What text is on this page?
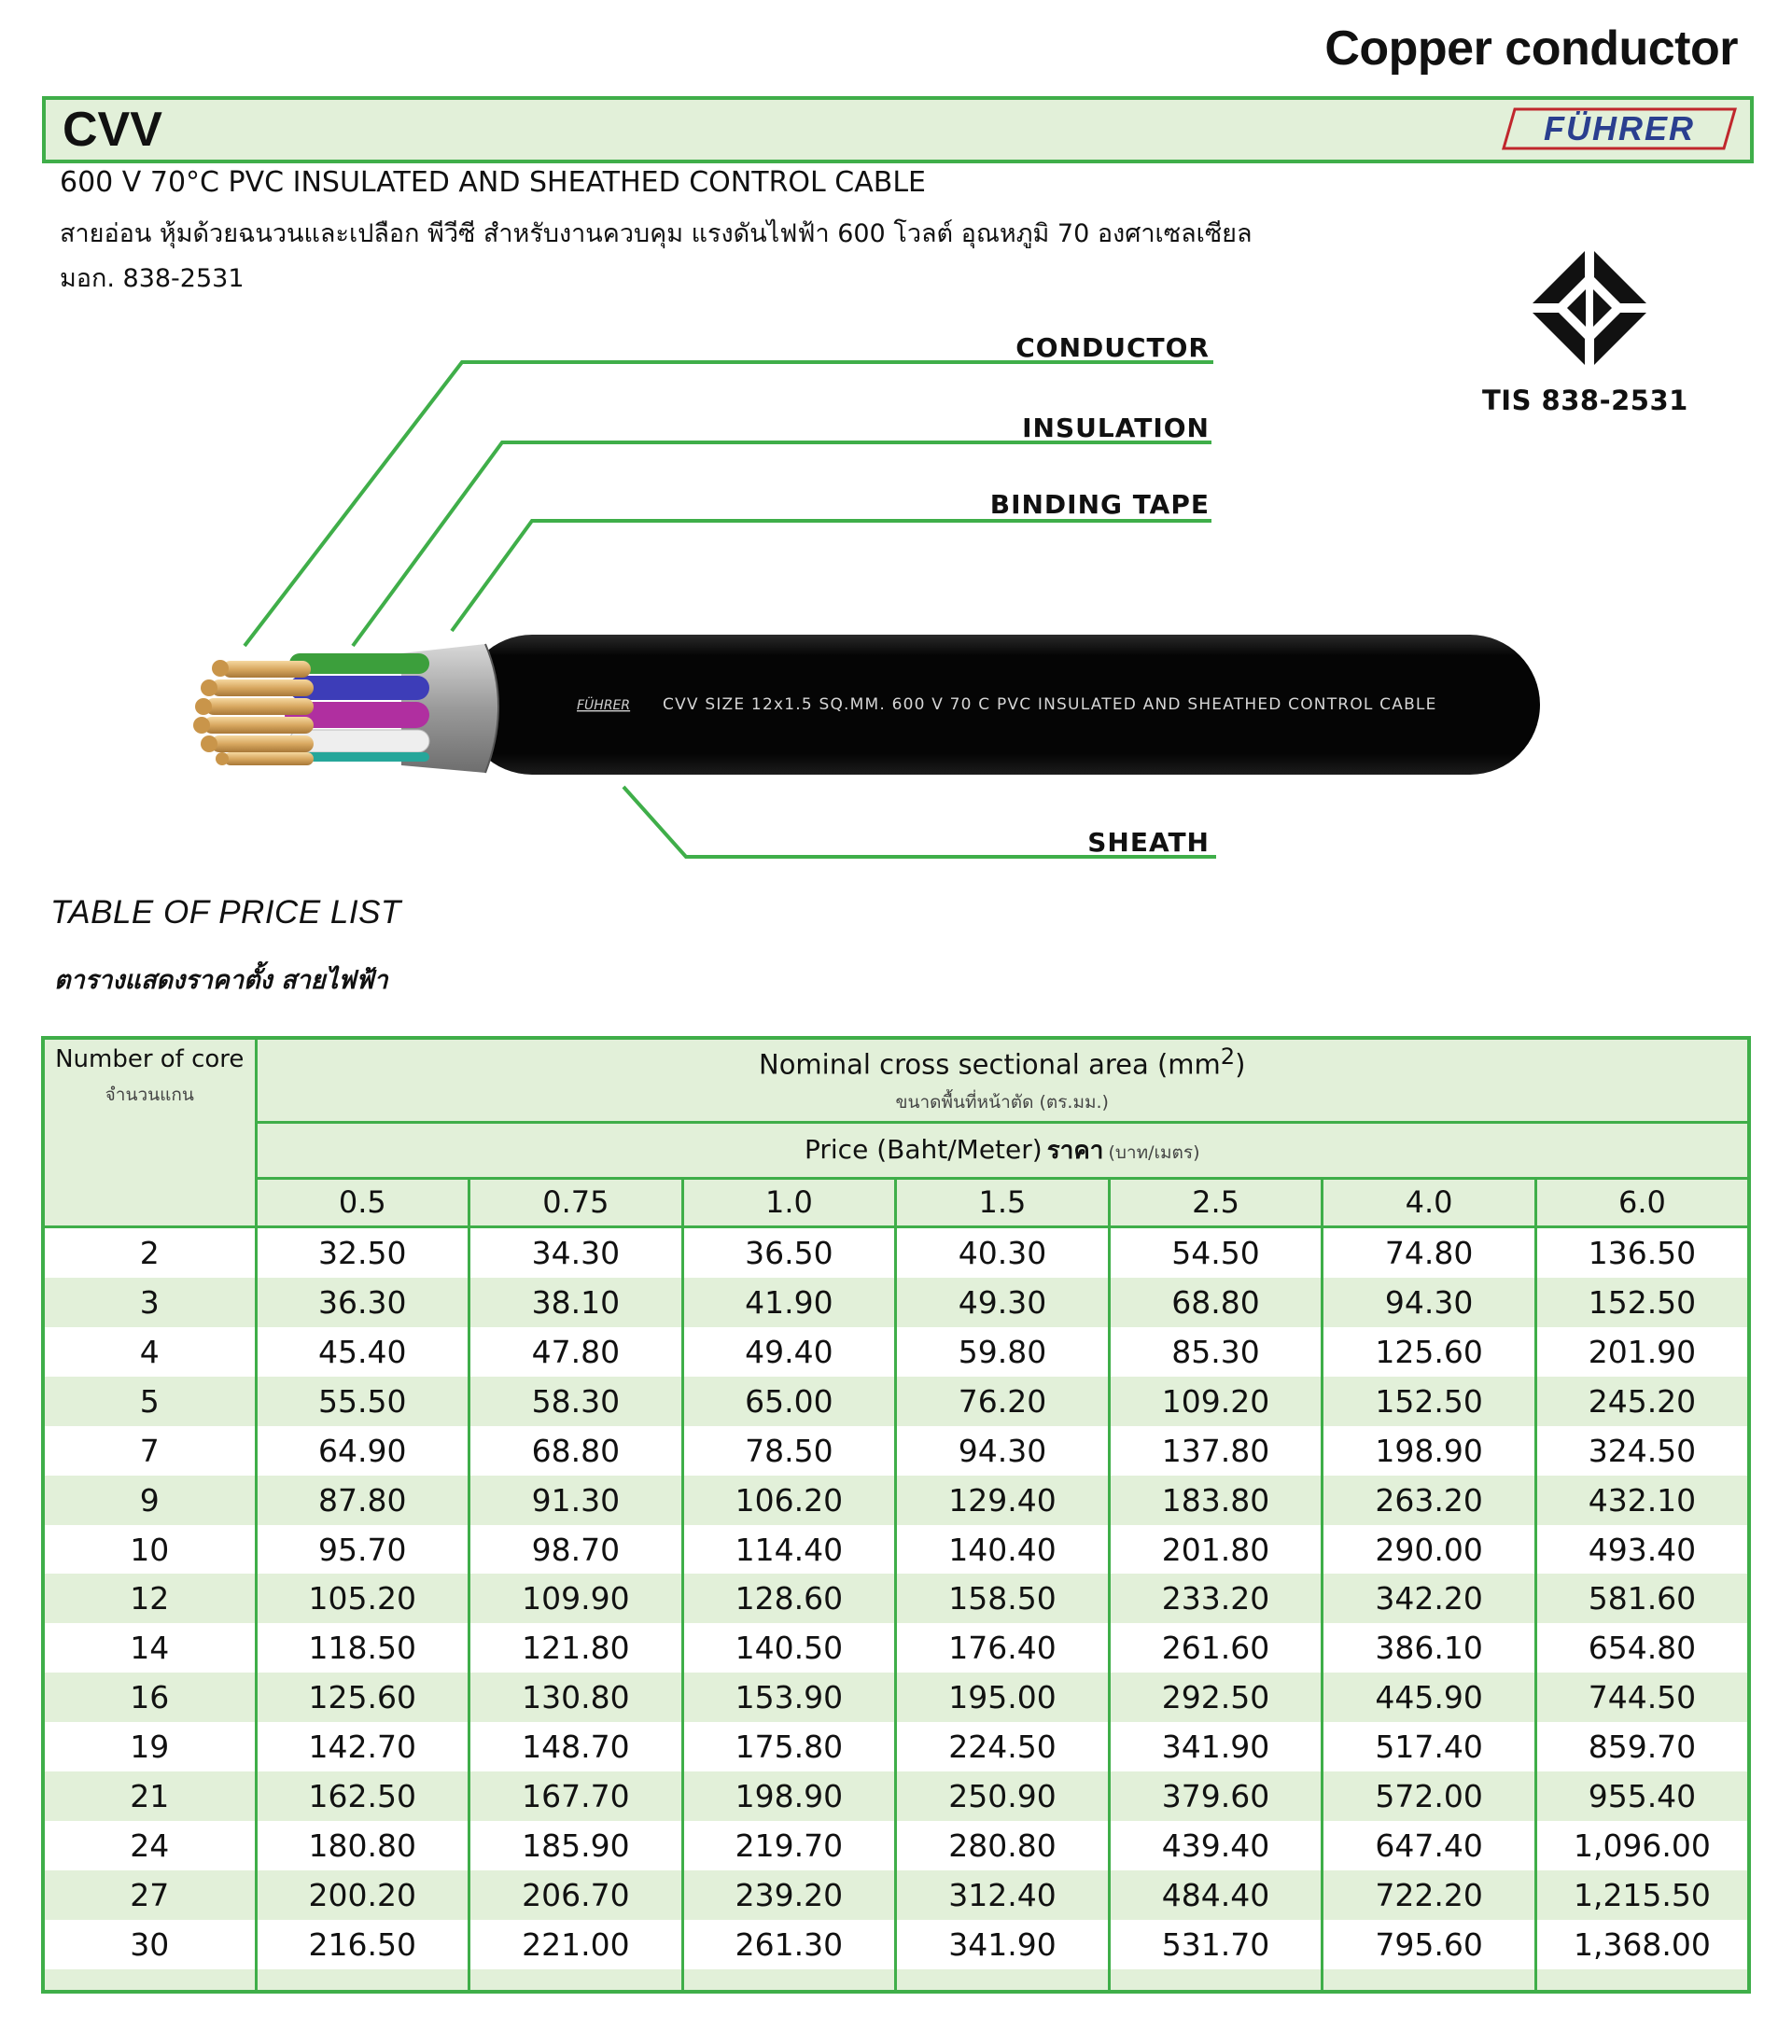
Copper conductor
CVV	FÜHRER
600 V 70°C PVC INSULATED AND SHEATHED CONTROL CABLE
สายอ่อน หุ้มด้วยฉนวนและเปลือก พีวีซี สำหรับงานควบคุม แรงดันไฟฟ้า 600 โวลต์ อุณหภูมิ 70 องศาเซลเซียล
มอก. 838-2531
TIS 838-2531
FÜHRER CVV SIZE 12x1.5 SQ.MM. 600 V 70 C PVC INSULATED AND SHEATHED CONTROL CABLE
CONDUCTOR
INSULATION
BINDING TAPE
SHEATH
TABLE OF PRICE LIST
ตารางแสดงราคาตั้ง สายไฟฟ้า
Number of core
จำนวนแกน	Nominal cross sectional area $(mm^2)$
ขนาดพื้นที่หน้าตัด (ตร.มม.)						

	Price (Baht/Meter) ราคา (บาท/เมตร)						
	0.5	0.75	1.0	1.5	2.5	4.0	6.0
2	32.50	34.30	36.50	40.30	54.50	74.80	136.50
3	36.30	38.10	41.90	49.30	68.80	94.30	152.50
4	45.40	47.80	49.40	59.80	85.30	125.60	201.90
5	55.50	58.30	65.00	76.20	109.20	152.50	245.20
7	64.90	68.80	78.50	94.30	137.80	198.90	324.50
9	87.80	91.30	106.20	129.40	183.80	263.20	432.10
10	95.70	98.70	114.40	140.40	201.80	290.00	493.40
12	105.20	109.90	128.60	158.50	233.20	342.20	581.60
14	118.50	121.80	140.50	176.40	261.60	386.10	654.80
16	125.60	130.80	153.90	195.00	292.50	445.90	744.50
19	142.70	148.70	175.80	224.50	341.90	517.40	859.70
21	162.50	167.70	198.90	250.90	379.60	572.00	955.40
24	180.80	185.90	219.70	280.80	439.40	647.40	1,096.00
27	200.20	206.70	239.20	312.40	484.40	722.20	1,215.50
30	216.50	221.00	261.30	341.90	531.70	795.60	1,368.00
